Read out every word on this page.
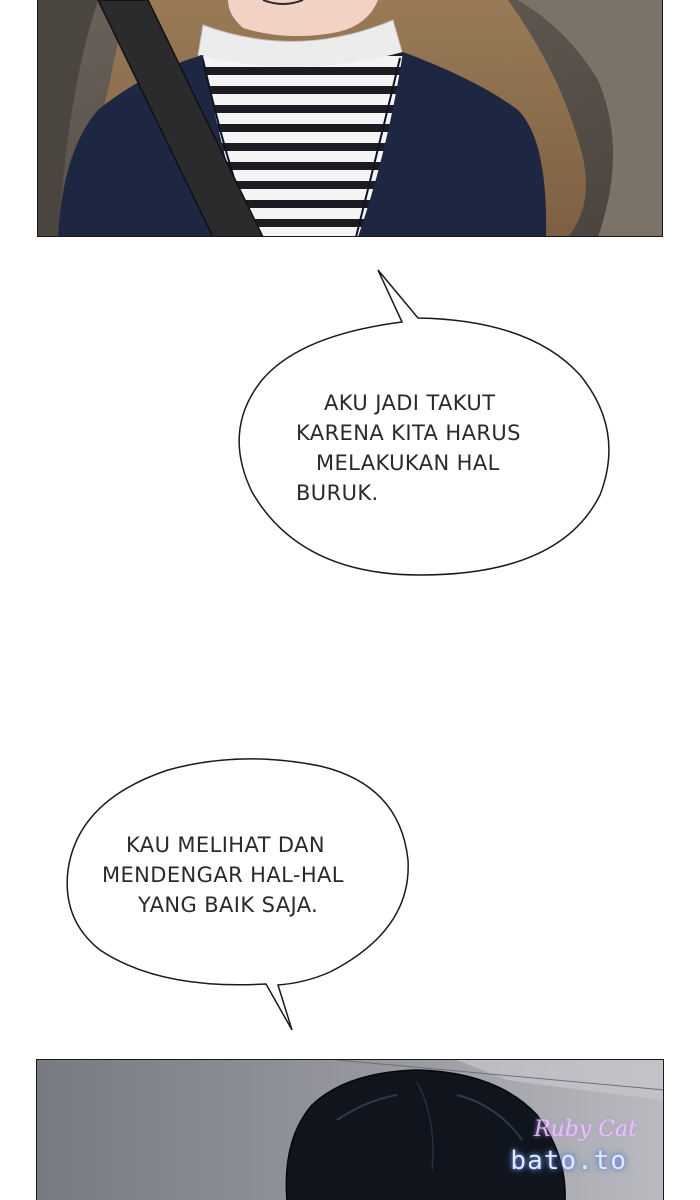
AKU JADI TAKUT
KARENA KITA HARUS
MELAKUKAN HAL
BURUK.
KAU MELIHAT DAN
MENDENGAR HAL-HAL
YANG BAIK SAJA.
Ruby Cat
bato.to
